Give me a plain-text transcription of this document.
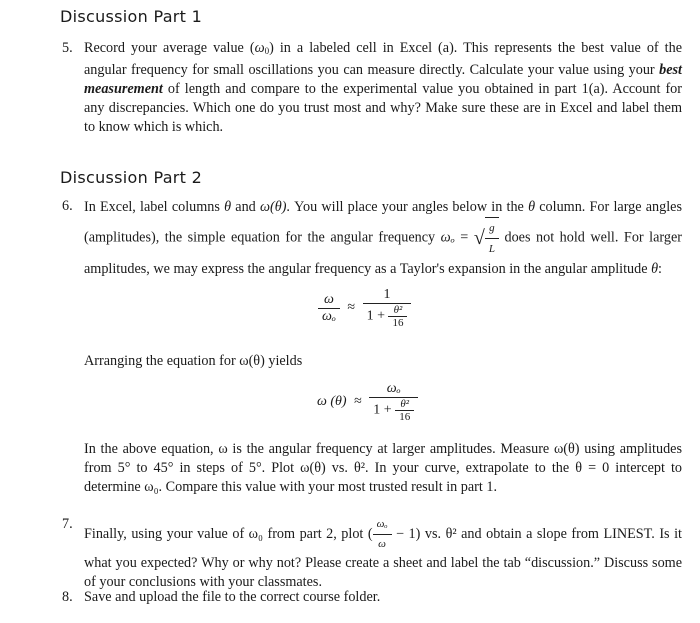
Discussion Part 1
5. Record your average value $(\omega_0)$ in a labeled cell in Excel (a). This represents the best value of the angular frequency for small oscillations you can measure directly. Calculate your value using your best measurement of length and compare to the experimental value you obtained in part 1(a). Account for any discrepancies. Which one do you trust most and why? Make sure these are in Excel and label them to know which is which.
Discussion Part 2
6. In Excel, label columns θ and ω(θ). You will place your angles below in the θ column. For large angles (amplitudes), the simple equation for the angular frequency ωₒ = √ $\frac{g}{L}$ does not hold well. For larger amplitudes, we may express the angular frequency as a Taylor's expansion in the angular amplitude θ:
$\frac{\omega}{\text{ωₒ}} \approx \frac{1}{1 + \frac{\text{θ²}}{16}}$
Arranging the equation for ω(θ) yields
ω $(\theta) \approx \frac{\text{ωₒ}}{1 + \frac{\text{θ²}}{16}}$
In the above equation, ω is the angular frequency at larger amplitudes. Measure ω(θ) using amplitudes from 5° to 45° in steps of 5°. Plot ω(θ) vs. θ². In your curve, extrapolate to the θ = 0 intercept to determine ω₀. Compare this value with your most trusted result in part 1.
7.
Finally, using your value of ω₀ from part 2, plot ( $\frac{\text{ωₒ}}{\omega} - 1$) vs. θ² and obtain a slope from LINEST. Is it what you expected? Why or why not? Please create a sheet and label the tab “discussion.” Discuss some of your conclusions with your classmates.
8. Save and upload the file to the correct course folder.
